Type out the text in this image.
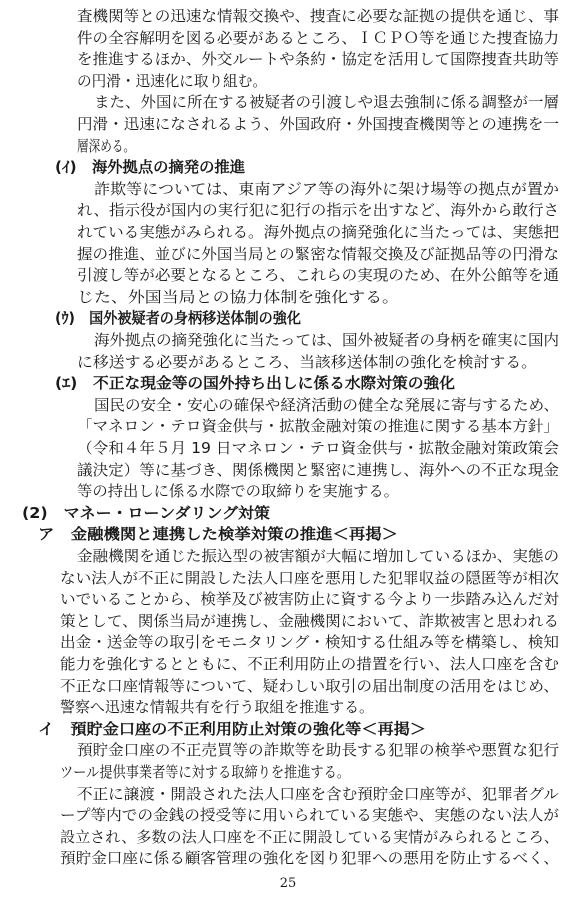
査機関等との迅速な情報交換や、捜査に必要な証拠の提供を通じ、事
件の全容解明を図る必要があるところ、ＩＣＰＯ等を通じた捜査協力
を推進するほか、外交ルートや条約・協定を活用して国際捜査共助等
の円滑・迅速化に取り組む。
また、外国に所在する被疑者の引渡しや退去強制に係る調整が一層
円滑・迅速になされるよう、外国政府・外国捜査機関等との連携を一
層深める。
(ｲ)　海外拠点の摘発の推進
詐欺等については、東南アジア等の海外に架け場等の拠点が置か
れ、指示役が国内の実行犯に犯行の指示を出すなど、海外から敢行さ
れている実態がみられる。海外拠点の摘発強化に当たっては、実態把
握の推進、並びに外国当局との緊密な情報交換及び証拠品等の円滑な
引渡し等が必要となるところ、これらの実現のため、在外公館等を通
じた、外国当局との協力体制を強化する。
(ｳ)　国外被疑者の身柄移送体制の強化
海外拠点の摘発強化に当たっては、国外被疑者の身柄を確実に国内
に移送する必要があるところ、当該移送体制の強化を検討する。
(ｴ)　不正な現金等の国外持ち出しに係る水際対策の強化
国民の安全・安心の確保や経済活動の健全な発展に寄与するため、
「マネロン・テロ資金供与・拡散金融対策の推進に関する基本方針」
（令和４年５月 19 日マネロン・テロ資金供与・拡散金融対策政策会
議決定）等に基づき、関係機関と緊密に連携し、海外への不正な現金
等の持出しに係る水際での取締りを実施する。
(2)　マネー・ローンダリング対策
ア　金融機関と連携した検挙対策の推進＜再掲＞
金融機関を通じた振込型の被害額が大幅に増加しているほか、実態の
ない法人が不正に開設した法人口座を悪用した犯罪収益の隠匿等が相次
いでいることから、検挙及び被害防止に資する今より一歩踏み込んだ対
策として、関係当局が連携し、金融機関において、詐欺被害と思われる
出金・送金等の取引をモニタリング・検知する仕組み等を構築し、検知
能力を強化するとともに、不正利用防止の措置を行い、法人口座を含む
不正な口座情報等について、疑わしい取引の届出制度の活用をはじめ、
警察へ迅速な情報共有を行う取組を推進する。
イ　預貯金口座の不正利用防止対策の強化等＜再掲＞
預貯金口座の不正売買等の詐欺等を助長する犯罪の検挙や悪質な犯行
ツール提供事業者等に対する取締りを推進する。
不正に譲渡・開設された法人口座を含む預貯金口座等が、犯罪者グル
ープ等内での金銭の授受等に用いられている実態や、実態のない法人が
設立され、多数の法人口座を不正に開設している実情がみられるところ、
預貯金口座に係る顧客管理の強化を図り犯罪への悪用を防止するべく、
25
